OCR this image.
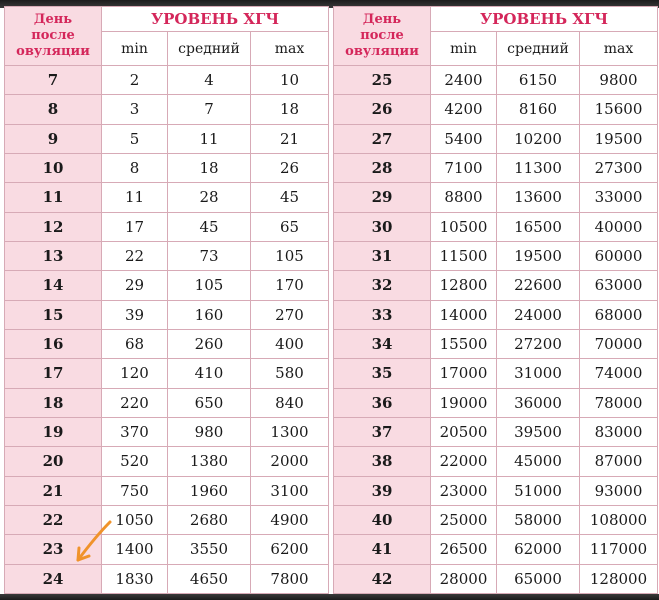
День
после
овуляции	УРОВЕНЬ ХГЧ		
	min	средний	max
7	2	4	10
8	3	7	18
9	5	11	21
10	8	18	26
11	11	28	45
12	17	45	65
13	22	73	105
14	29	105	170
15	39	160	270
16	68	260	400
17	120	410	580
18	220	650	840
19	370	980	1300
20	520	1380	2000
21	750	1960	3100
22	1050	2680	4900
23	1400	3550	6200
24	1830	4650	7800
День
после
овуляции	УРОВЕНЬ ХГЧ		
	min	средний	max
25	2400	6150	9800
26	4200	8160	15600
27	5400	10200	19500
28	7100	11300	27300
29	8800	13600	33000
30	10500	16500	40000
31	11500	19500	60000
32	12800	22600	63000
33	14000	24000	68000
34	15500	27200	70000
35	17000	31000	74000
36	19000	36000	78000
37	20500	39500	83000
38	22000	45000	87000
39	23000	51000	93000
40	25000	58000	108000
41	26500	62000	117000
42	28000	65000	128000
